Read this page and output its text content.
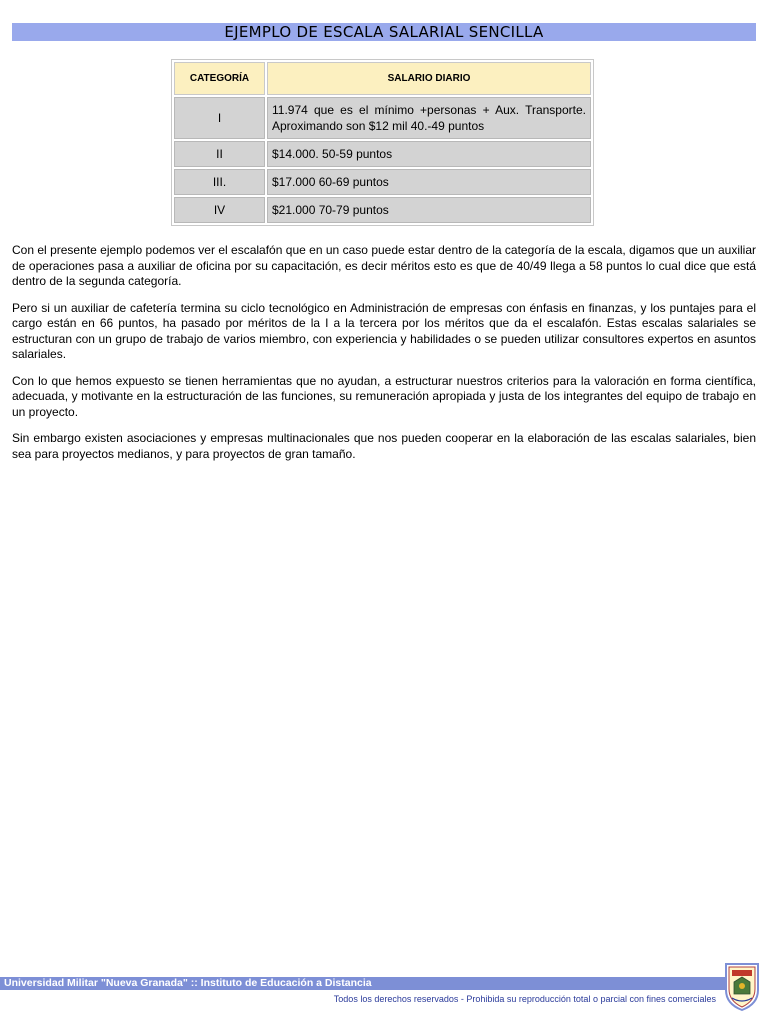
EJEMPLO DE ESCALA SALARIAL SENCILLA
CATEGORÍA	SALARIO DIARIO
I	11.974 que es el mínimo +personas + Aux. Transporte. Aproximando son $12 mil 40.-49 puntos
II	$14.000. 50-59 puntos
III.	$17.000 60-69 puntos
IV	$21.000 70-79 puntos

Con el presente ejemplo podemos ver el escalafón que en un caso puede estar dentro de la categoría de la escala, digamos que un auxiliar de operaciones pasa a auxiliar de oficina por su capacitación, es decir méritos esto es que de 40/49 llega a 58 puntos lo cual dice que está dentro de la segunda categoría.

Pero si un auxiliar de cafetería termina su ciclo tecnológico en Administración de empresas con énfasis en finanzas, y los puntajes para el cargo están en 66 puntos, ha pasado por méritos de la I a la tercera por los méritos que da el escalafón. Estas escalas salariales se estructuran con un grupo de trabajo de varios miembro, con experiencia y habilidades o se pueden utilizar consultores expertos en asuntos salariales.

Con lo que hemos expuesto se tienen herramientas que no ayudan, a estructurar nuestros criterios para la valoración en forma científica, adecuada, y motivante en la estructuración de las funciones, su remuneración apropiada y justa de los integrantes del equipo de trabajo en un proyecto.

Sin embargo existen asociaciones y empresas multinacionales que nos pueden cooperar en la elaboración de las escalas salariales, bien sea para proyectos medianos, y para proyectos de gran tamaño.

Universidad Militar "Nueva Granada" :: Instituto de Educación a Distancia
Todos los derechos reservados - Prohibida su reproducción total o parcial con fines comerciales
